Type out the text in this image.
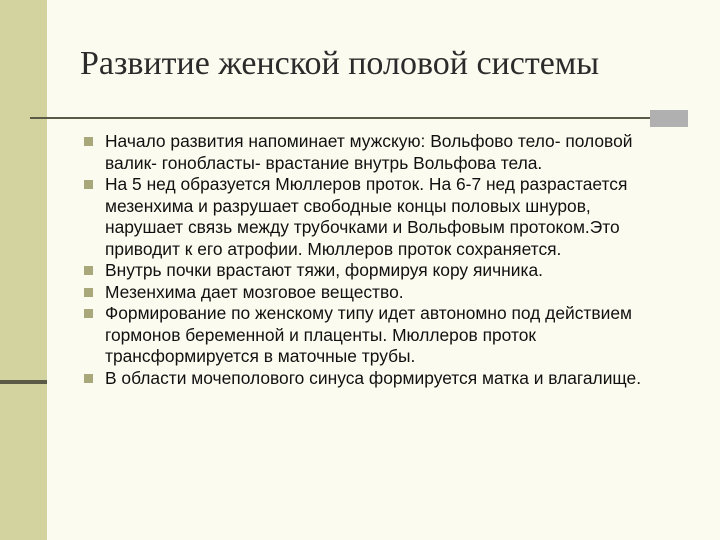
Развитие женской половой системы
Начало развития напоминает мужскую: Вольфово тело- половой валик- гонобласты- врастание внутрь Вольфова тела.
На 5 нед образуется Мюллеров проток. На 6-7 нед разрастается мезенхима и разрушает свободные концы половых шнуров, нарушает связь между трубочками и Вольфовым протоком.Это приводит к его атрофии. Мюллеров проток сохраняется.
Внутрь почки врастают тяжи, формируя кору яичника.
Мезенхима дает мозговое вещество.
Формирование по женскому типу идет автономно под действием гормонов беременной и плаценты. Мюллеров проток трансформируется в маточные трубы.
В области мочеполового синуса формируется матка и влагалище.
